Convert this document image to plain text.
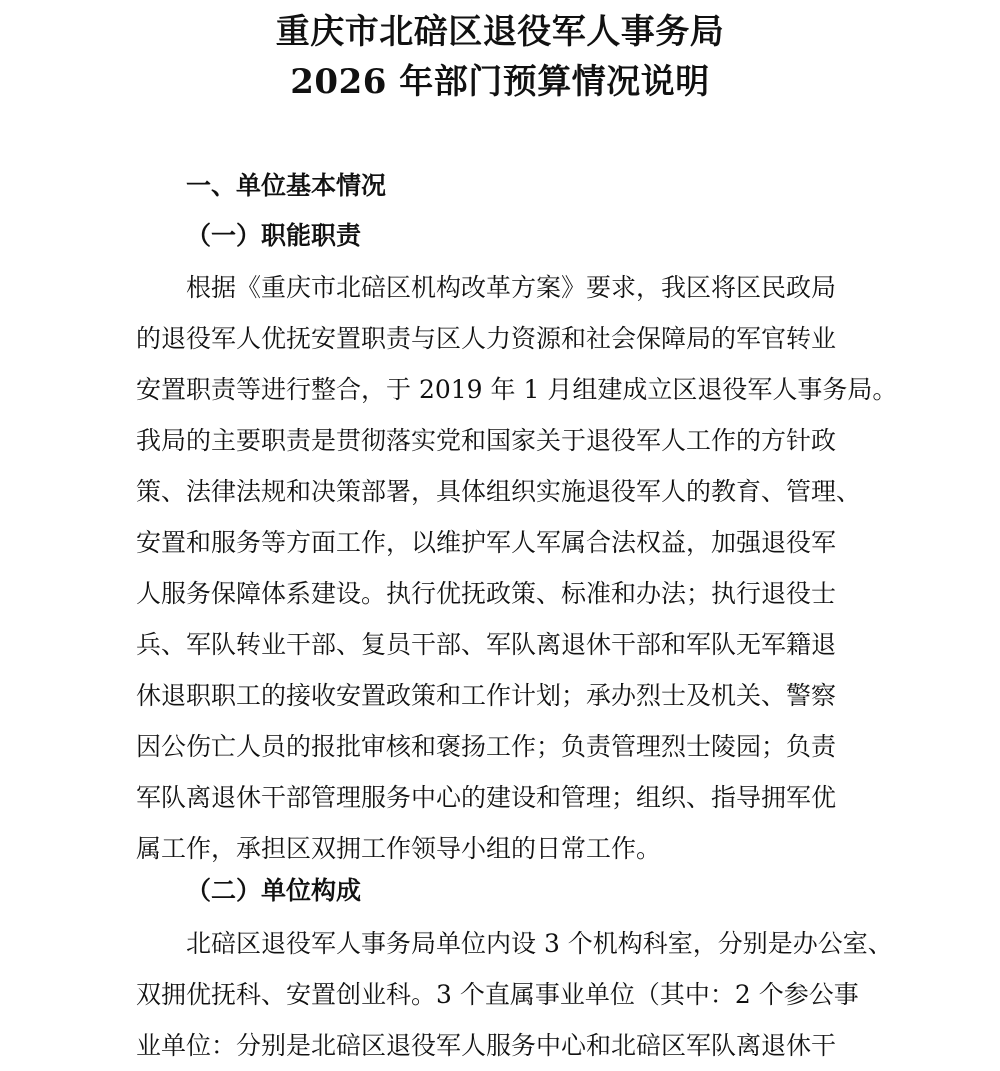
重庆市北碚区退役军人事务局
2026 年部门预算情况说明
一、单位基本情况
（一）职能职责
根据《重庆市北碚区机构改革方案》要求，我区将区民政局
的退役军人优抚安置职责与区人力资源和社会保障局的军官转业
安置职责等进行整合，于 2019 年 1 月组建成立区退役军人事务局。
我局的主要职责是贯彻落实党和国家关于退役军人工作的方针政
策、法律法规和决策部署，具体组织实施退役军人的教育、管理、
安置和服务等方面工作，以维护军人军属合法权益，加强退役军
人服务保障体系建设。执行优抚政策、标准和办法；执行退役士
兵、军队转业干部、复员干部、军队离退休干部和军队无军籍退
休退职职工的接收安置政策和工作计划；承办烈士及机关、警察
因公伤亡人员的报批审核和褒扬工作；负责管理烈士陵园；负责
军队离退休干部管理服务中心的建设和管理；组织、指导拥军优
属工作，承担区双拥工作领导小组的日常工作。
（二）单位构成
北碚区退役军人事务局单位内设 3 个机构科室，分别是办公室、
双拥优抚科、安置创业科。3 个直属事业单位（其中：2 个参公事
业单位：分别是北碚区退役军人服务中心和北碚区军队离退休干
